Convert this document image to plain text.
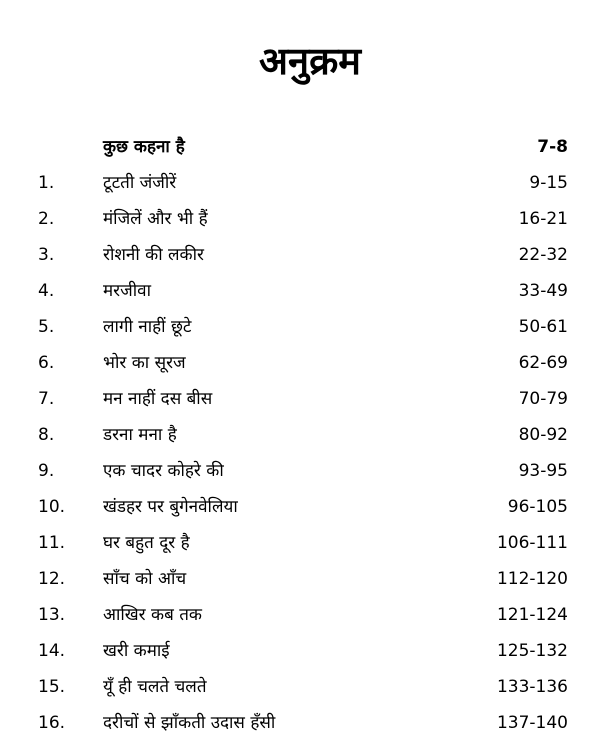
अनुक्रम
कुछ कहना है	7-8
1.	टूटती जंजीरें	9-15
2.	मंजिलें और भी हैं	16-21
3.	रोशनी की लकीर	22-32
4.	मरजीवा	33-49
5.	लागी नाहीं छूटे	50-61
6.	भोर का सूरज	62-69
7.	मन नाहीं दस बीस	70-79
8.	डरना मना है	80-92
9.	एक चादर कोहरे की	93-95
10.	खंडहर पर बुगेनवेलिया	96-105
11.	घर बहुत दूर है	106-111
12.	साँच को आँच	112-120
13.	आखिर कब तक	121-124
14.	खरी कमाई	125-132
15.	यूँ ही चलते चलते	133-136
16.	दरीचों से झाँकती उदास हँसी	137-140
